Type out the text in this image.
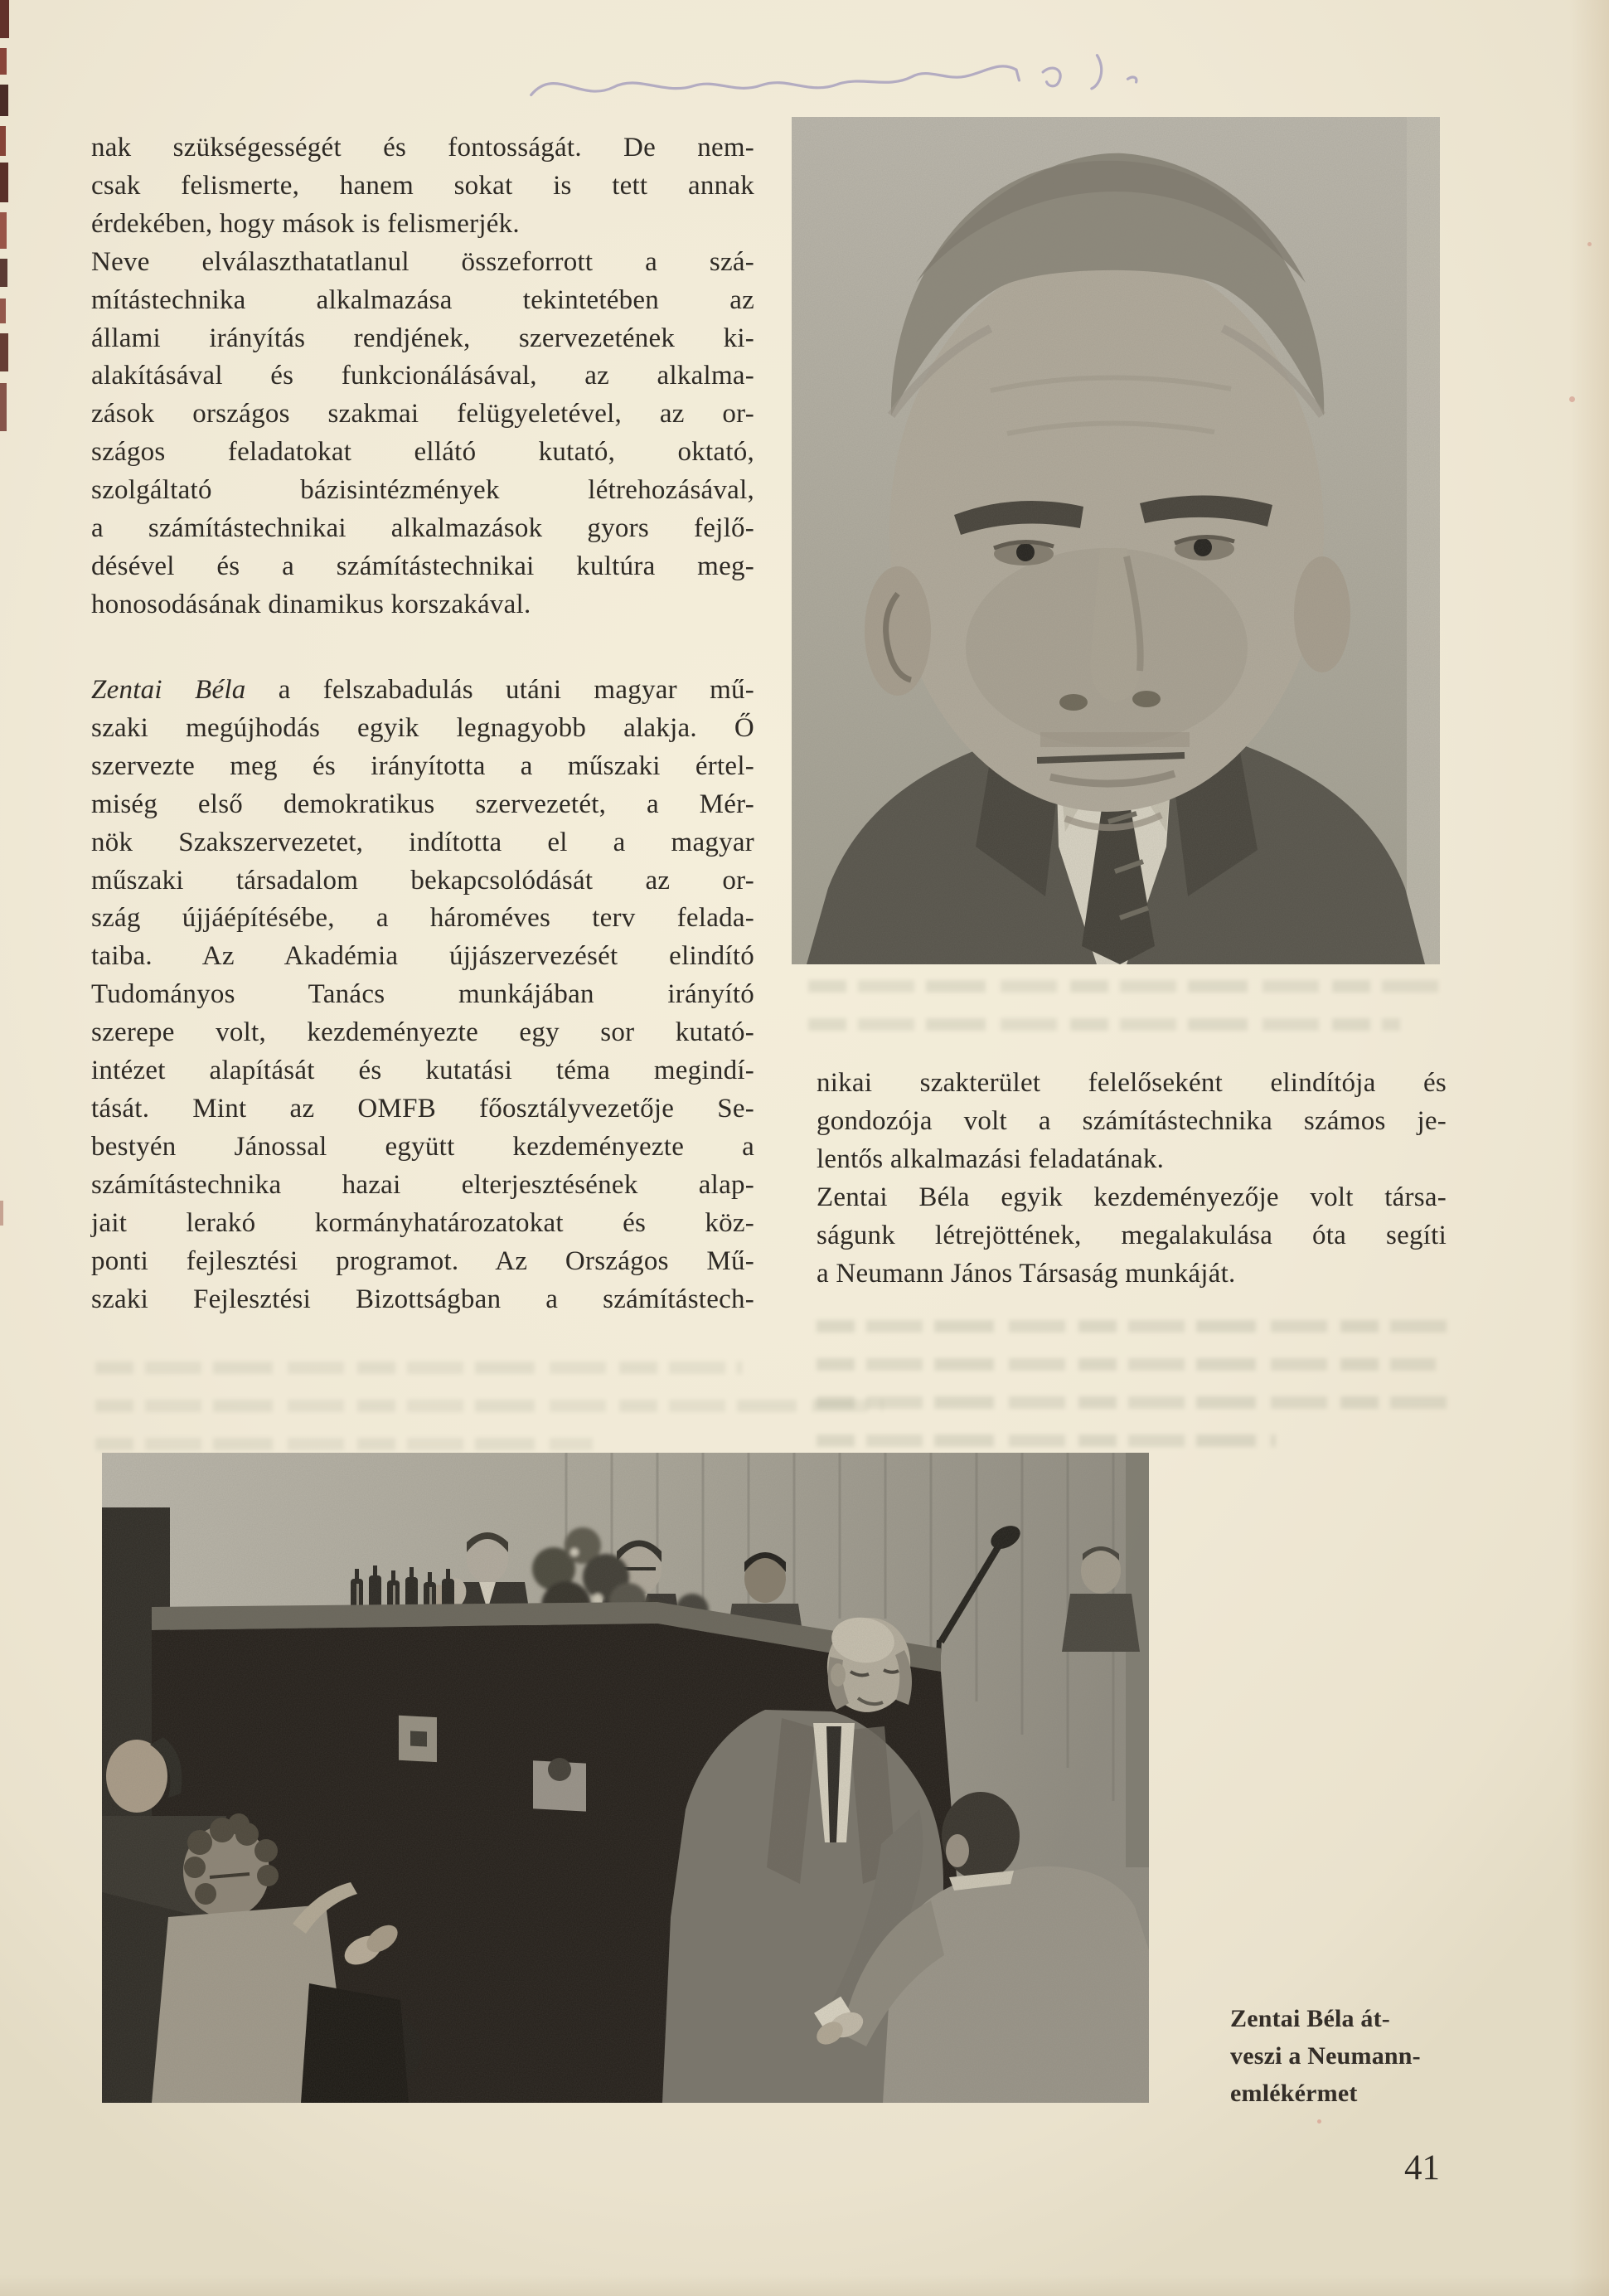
nak szükségességét és fontosságát. De nem-
csak felismerte, hanem sokat is tett annak
érdekében, hogy mások is felismerjék.
Neve elválaszthatatlanul összeforrott a szá-
mítástechnika alkalmazása tekintetében az
állami irányítás rendjének, szervezetének ki-
alakításával és funkcionálásával, az alkalma-
zások országos szakmai felügyeletével, az or-
szágos feladatokat ellátó kutató, oktató,
szolgáltató bázisintézmények létrehozásával,
a számítástechnikai alkalmazások gyors fejlő-
désével és a számítástechnikai kultúra meg-
honosodásának dinamikus korszakával.
Zentai Béla a felszabadulás utáni magyar mű-
szaki megújhodás egyik legnagyobb alakja. Ő
szervezte meg és irányította a műszaki értel-
miség első demokratikus szervezetét, a Mér-
nök Szakszervezetet, indította el a magyar
műszaki társadalom bekapcsolódását az or-
szág újjáépítésébe, a hároméves terv felada-
taiba. Az Akadémia újjászervezését elindító
Tudományos Tanács munkájában irányító
szerepe volt, kezdeményezte egy sor kutató-
intézet alapítását és kutatási téma megindí-
tását. Mint az OMFB főosztályvezetője Se-
bestyén Jánossal együtt kezdeményezte a
számítástechnika hazai elterjesztésének alap-
jait lerakó kormányhatározatokat és köz-
ponti fejlesztési programot. Az Országos Mű-
szaki Fejlesztési Bizottságban a számítástech-
nikai szakterület felelőseként elindítója és
gondozója volt a számítástechnika számos je-
lentős alkalmazási feladatának.
Zentai Béla egyik kezdeményezője volt társa-
ságunk létrejöttének, megalakulása óta segíti
a Neumann János Társaság munkáját.
Zentai Béla át-
veszi a Neumann-
emlékérmet
41
